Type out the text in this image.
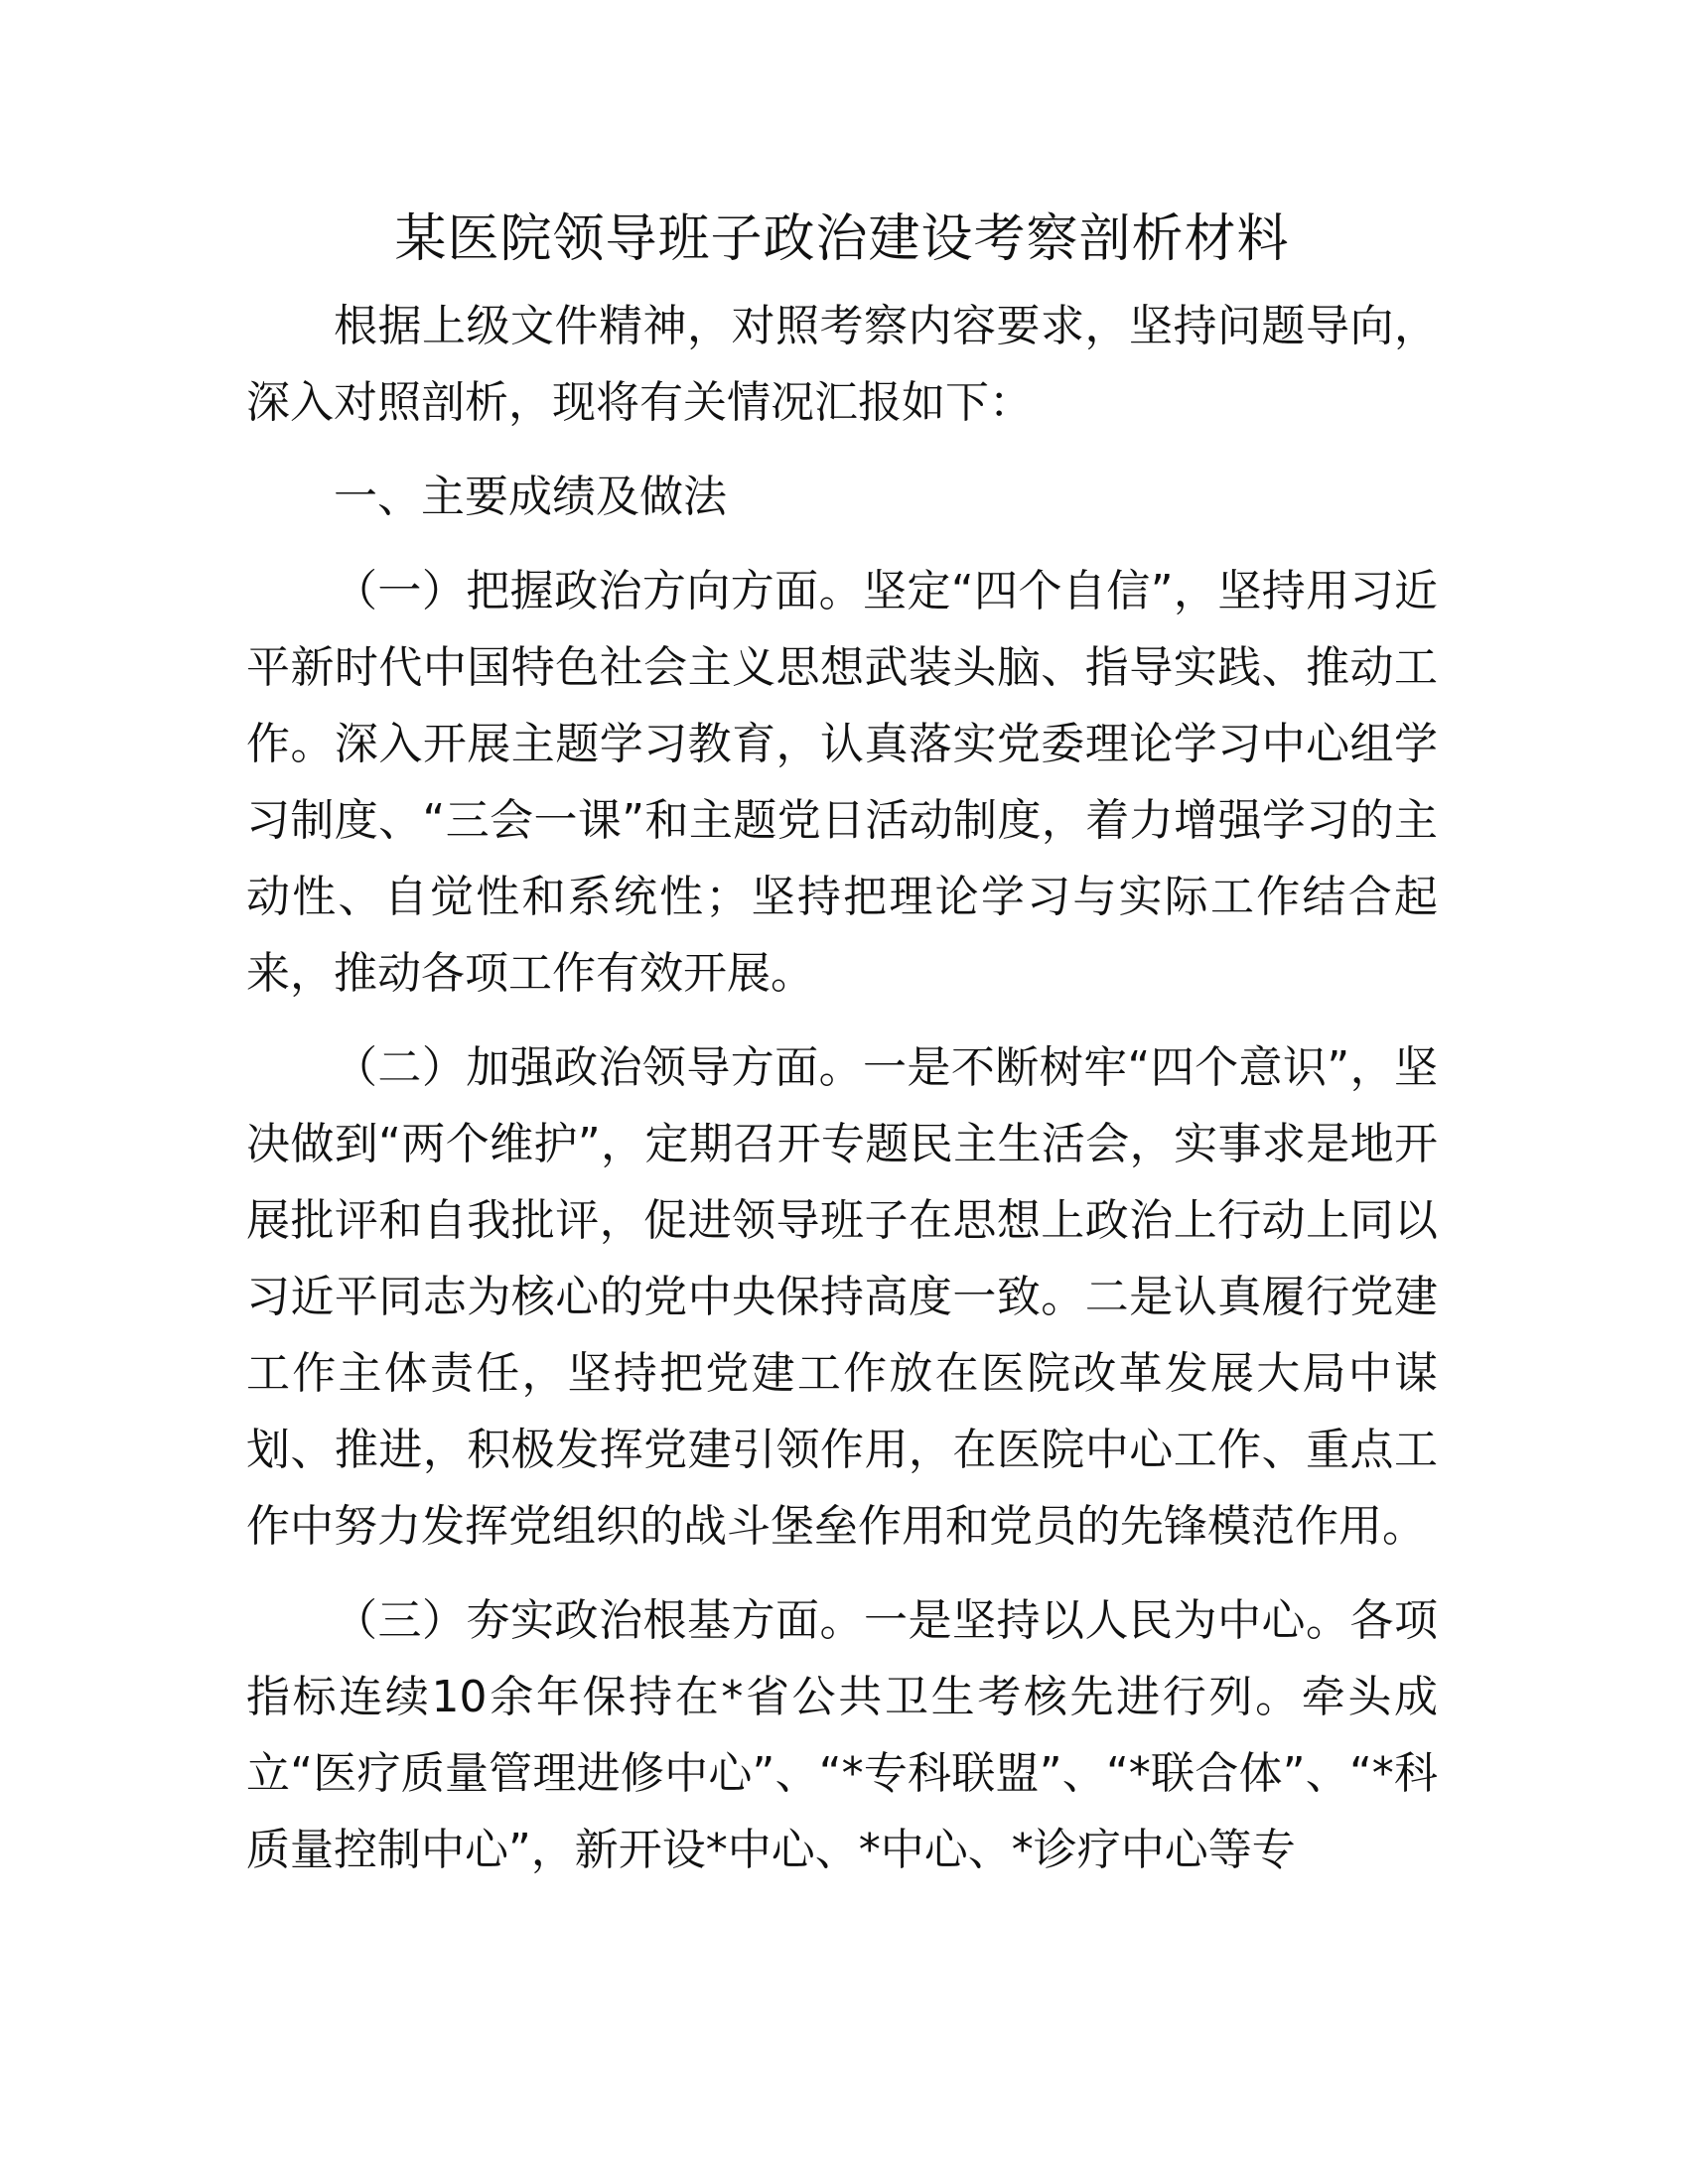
某医院领导班子政治建设考察剖析材料

根据上级文件精神，对照考察内容要求，坚持问题导向，深入对照剖析，现将有关情况汇报如下：

一、主要成绩及做法

（一）把握政治方向方面。坚定“四个自信”，坚持用习近平新时代中国特色社会主义思想武装头脑、指导实践、推动工作。深入开展主题学习教育，认真落实党委理论学习中心组学习制度、“三会一课”和主题党日活动制度，着力增强学习的主动性、自觉性和系统性；坚持把理论学习与实际工作结合起来，推动各项工作有效开展。

（二）加强政治领导方面。一是不断树牢“四个意识”，坚决做到“两个维护”，定期召开专题民主生活会，实事求是地开展批评和自我批评，促进领导班子在思想上政治上行动上同以习近平同志为核心的党中央保持高度一致。二是认真履行党建工作主体责任，坚持把党建工作放在医院改革发展大局中谋划、推进，积极发挥党建引领作用，在医院中心工作、重点工作中努力发挥党组织的战斗堡垒作用和党员的先锋模范作用。

（三）夯实政治根基方面。一是坚持以人民为中心。各项指标连续10余年保持在*省公共卫生考核先进行列。牵头成立“医疗质量管理进修中心”、“*专科联盟”、“*联合体”、“*科质量控制中心”，新开设*中心、*中心、*诊疗中心等专
